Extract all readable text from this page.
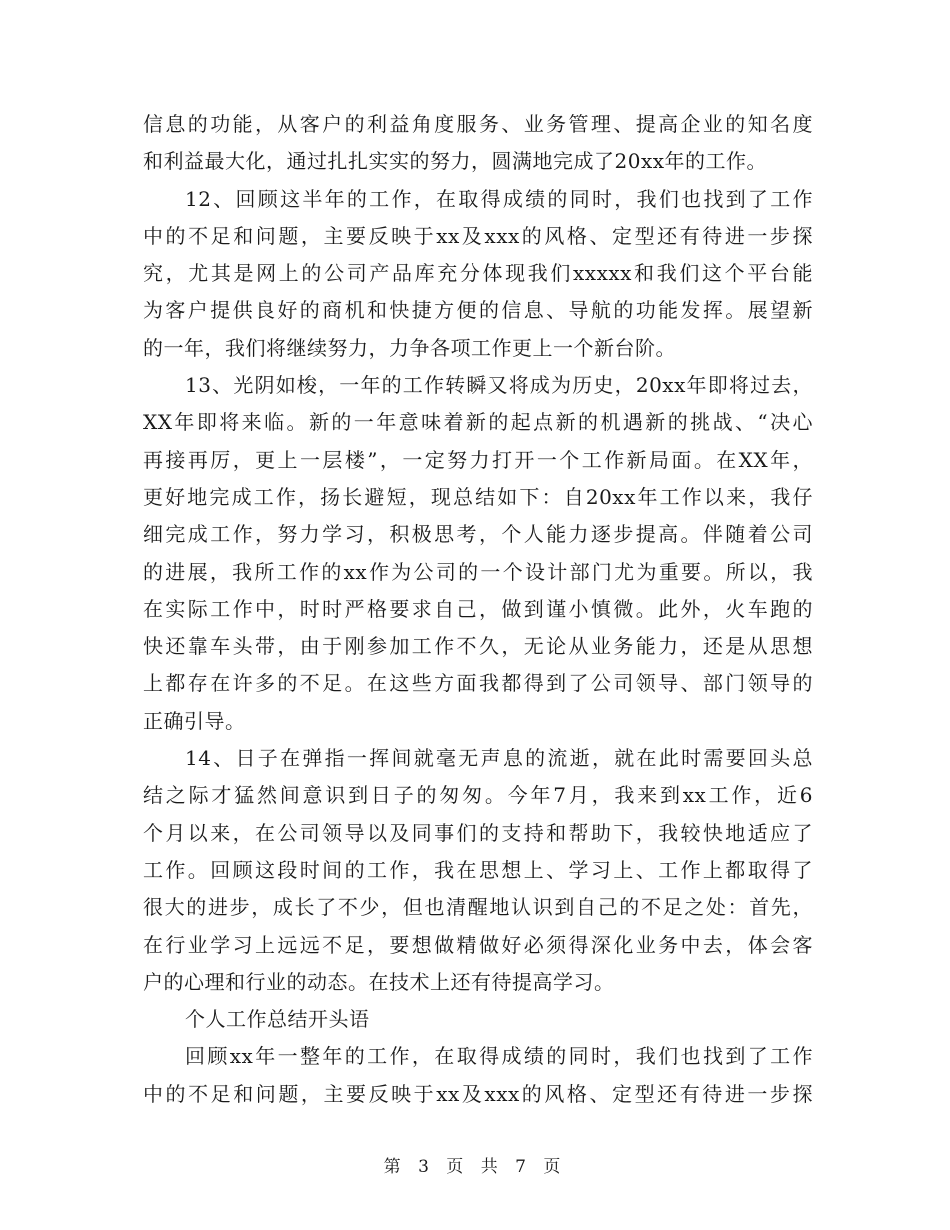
信息的功能，从客户的利益角度服务、业务管理、提高企业的知名度
和利益最大化，通过扎扎实实的努力，圆满地完成了20xx年的工作。
12、回顾这半年的工作，在取得成绩的同时，我们也找到了工作
中的不足和问题，主要反映于xx及xxx的风格、定型还有待进一步探
究，尤其是网上的公司产品库充分体现我们xxxxx和我们这个平台能
为客户提供良好的商机和快捷方便的信息、导航的功能发挥。展望新
的一年，我们将继续努力，力争各项工作更上一个新台阶。
13、光阴如梭，一年的工作转瞬又将成为历史，20xx年即将过去，
XX年即将来临。新的一年意味着新的起点新的机遇新的挑战、“决心
再接再厉，更上一层楼”，一定努力打开一个工作新局面。在XX年，
更好地完成工作，扬长避短，现总结如下：自20xx年工作以来，我仔
细完成工作，努力学习，积极思考，个人能力逐步提高。伴随着公司
的进展，我所工作的xx作为公司的一个设计部门尤为重要。所以，我
在实际工作中，时时严格要求自己，做到谨小慎微。此外，火车跑的
快还靠车头带，由于刚参加工作不久，无论从业务能力，还是从思想
上都存在许多的不足。在这些方面我都得到了公司领导、部门领导的
正确引导。
14、日子在弹指一挥间就毫无声息的流逝，就在此时需要回头总
结之际才猛然间意识到日子的匆匆。今年7月，我来到xx工作，近6
个月以来，在公司领导以及同事们的支持和帮助下，我较快地适应了
工作。回顾这段时间的工作，我在思想上、学习上、工作上都取得了
很大的进步，成长了不少，但也清醒地认识到自己的不足之处：首先，
在行业学习上远远不足，要想做精做好必须得深化业务中去，体会客
户的心理和行业的动态。在技术上还有待提高学习。
个人工作总结开头语
回顾xx年一整年的工作，在取得成绩的同时，我们也找到了工作
中的不足和问题，主要反映于xx及xxx的风格、定型还有待进一步探
第 3 页 共 7 页
